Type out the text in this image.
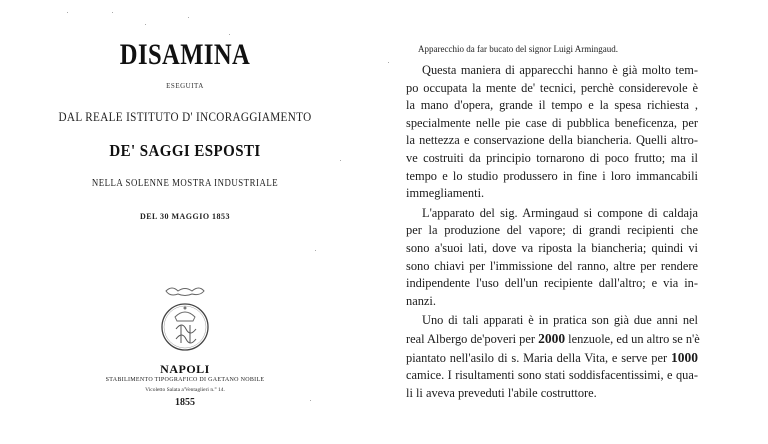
DISAMINA
ESEGUITA
DAL REALE ISTITUTO D' INCORAGGIAMENTO
DE' SAGGI ESPOSTI
NELLA SOLENNE MOSTRA INDUSTRIALE
DEL 30 MAGGIO 1853
NAPOLI
STABILIMENTO TIPOGRAFICO DI GAETANO NOBILE
Vicoletto Salata a'Ventaglieri n.° 14.
1855
Apparecchio da far bucato del signor Luigi Armingaud.

Questa maniera di apparecchi hanno è già molto tem-
po occupata la mente de' tecnici, perchè considerevole è
la mano d'opera, grande il tempo e la spesa richiesta ,
specialmente nelle pie case di pubblica beneficenza, per
la nettezza e conservazione della biancheria. Quelli altro-
ve costruiti da principio tornarono di poco frutto; ma il
tempo e lo studio produssero in fine i loro immancabili
immegliamenti.

L'apparato del sig. Armingaud si compone di caldaja
per la produzione del vapore; di grandi recipienti che
sono a'suoi lati, dove va riposta la biancheria; quindi vi
sono chiavi per l'immissione del ranno, altre per rendere
indipendente l'uso dell'un recipiente dall'altro; e via in-
nanzi.

Uno di tali apparati è in pratica son già due anni nel
real Albergo de'poveri per 2000 lenzuole, ed un altro se n'è
piantato nell'asilo di s. Maria della Vita, e serve per 1000
camice. I risultamenti sono stati soddisfacentissimi, e qua-
li li aveva preveduti l'abile costruttore.
